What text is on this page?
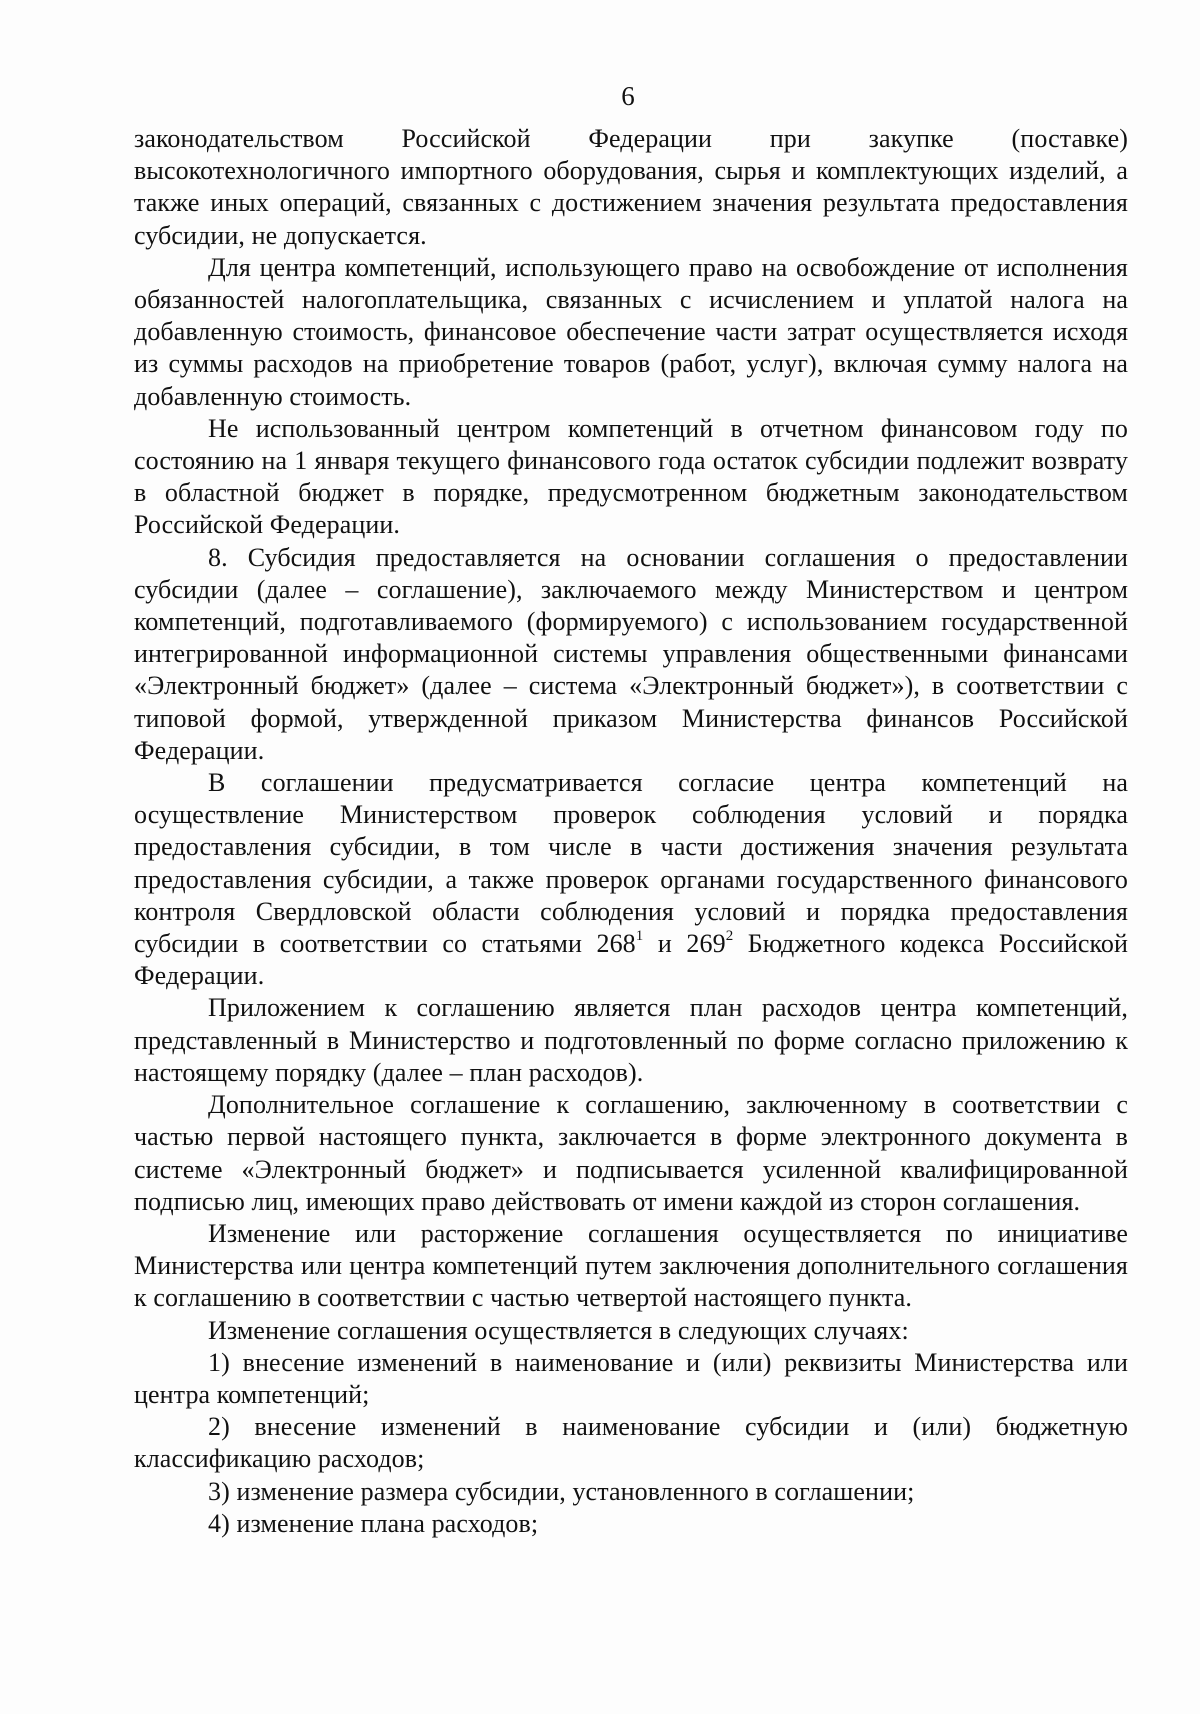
6

законодательством Российской Федерации при закупке (поставке) высокотехнологичного импортного оборудования, сырья и комплектующих изделий, а также иных операций, связанных с достижением значения результата предоставления субсидии, не допускается.

Для центра компетенций, использующего право на освобождение от исполнения обязанностей налогоплательщика, связанных с исчислением и уплатой налога на добавленную стоимость, финансовое обеспечение части затрат осуществляется исходя из суммы расходов на приобретение товаров (работ, услуг), включая сумму налога на добавленную стоимость.

Не использованный центром компетенций в отчетном финансовом году по состоянию на 1 января текущего финансового года остаток субсидии подлежит возврату в областной бюджет в порядке, предусмотренном бюджетным законодательством Российской Федерации.

8. Субсидия предоставляется на основании соглашения о предоставлении субсидии (далее – соглашение), заключаемого между Министерством и центром компетенций, подготавливаемого (формируемого) с использованием государственной интегрированной информационной системы управления общественными финансами «Электронный бюджет» (далее – система «Электронный бюджет»), в соответствии с типовой формой, утвержденной приказом Министерства финансов Российской Федерации.

В соглашении предусматривается согласие центра компетенций на осуществление Министерством проверок соблюдения условий и порядка предоставления субсидии, в том числе в части достижения значения результата предоставления субсидии, а также проверок органами государственного финансового контроля Свердловской области соблюдения условий и порядка предоставления субсидии в соответствии со статьями $268^1$ и $269^2$ Бюджетного кодекса Российской Федерации.

Приложением к соглашению является план расходов центра компетенций, представленный в Министерство и подготовленный по форме согласно приложению к настоящему порядку (далее – план расходов).

Дополнительное соглашение к соглашению, заключенному в соответствии с частью первой настоящего пункта, заключается в форме электронного документа в системе «Электронный бюджет» и подписывается усиленной квалифицированной подписью лиц, имеющих право действовать от имени каждой из сторон соглашения.

Изменение или расторжение соглашения осуществляется по инициативе Министерства или центра компетенций путем заключения дополнительного соглашения к соглашению в соответствии с частью четвертой настоящего пункта.

Изменение соглашения осуществляется в следующих случаях:

1) внесение изменений в наименование и (или) реквизиты Министерства или центра компетенций;

2) внесение изменений в наименование субсидии и (или) бюджетную классификацию расходов;

3) изменение размера субсидии, установленного в соглашении;

4) изменение плана расходов;
